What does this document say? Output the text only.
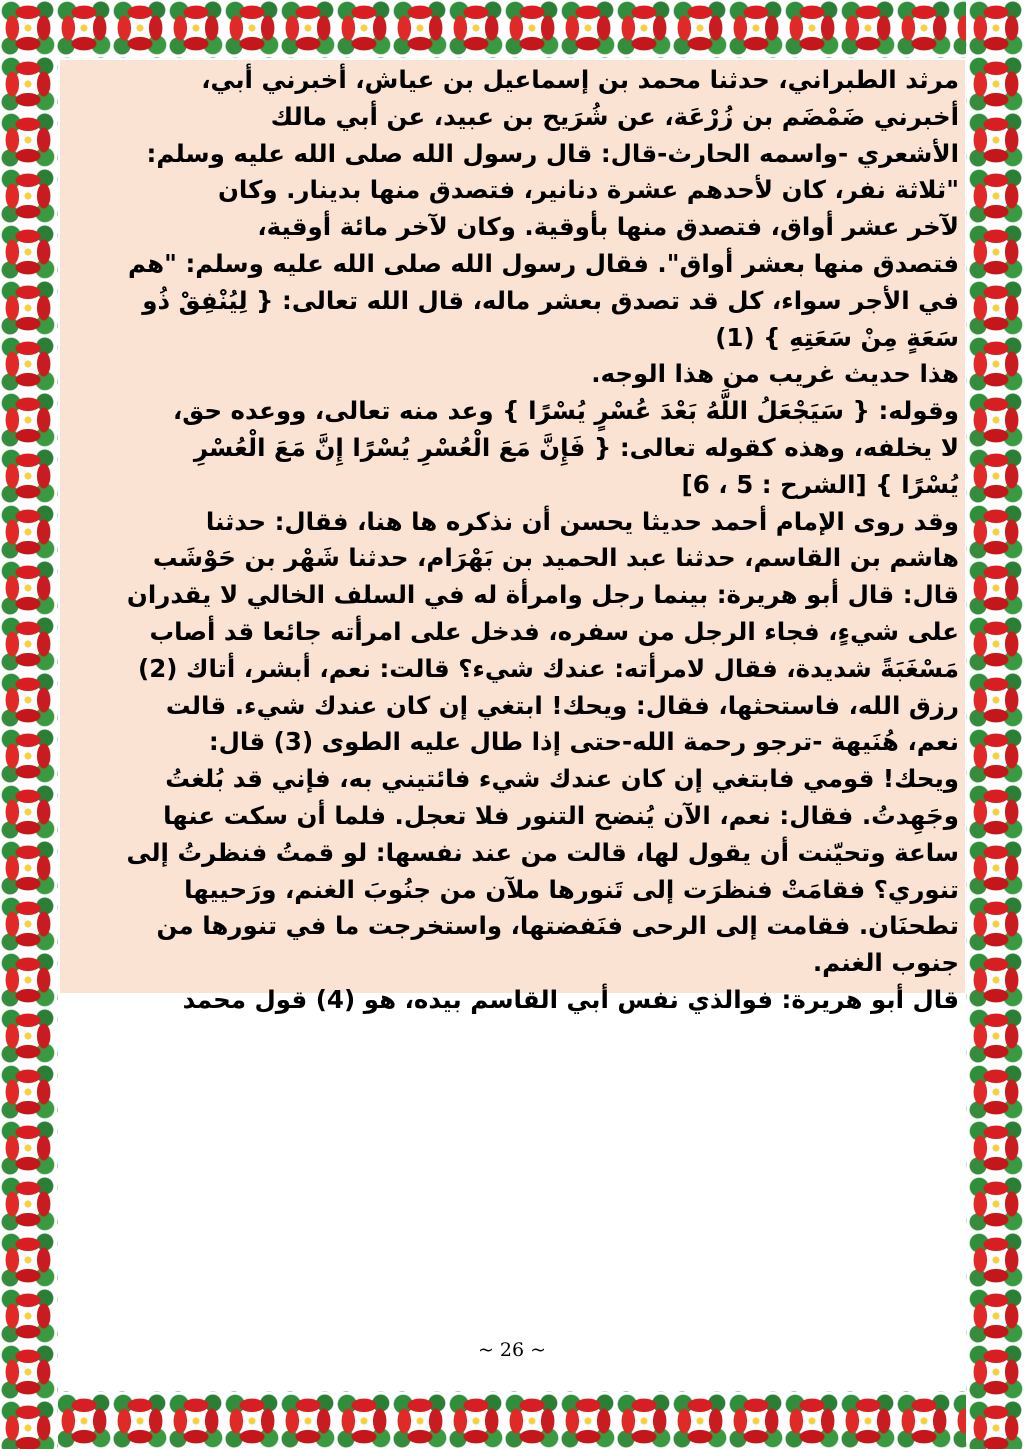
مرثد الطبراني، حدثنا محمد بن إسماعيل بن عياش، أخبرني أبي،
أخبرني ضَمْضَم بن زُرْعَة، عن شُرَيح بن عبيد، عن أبي مالك
الأشعري -واسمه الحارث-قال: قال رسول الله صلى الله عليه وسلم:
"ثلاثة نفر، كان لأحدهم عشرة دنانير، فتصدق منها بدينار. وكان
لآخر عشر أواق، فتصدق منها بأوقية. وكان لآخر مائة أوقية،
فتصدق منها بعشر أواق". فقال رسول الله صلى الله عليه وسلم: "هم
في الأجر سواء، كل قد تصدق بعشر ماله، قال الله تعالى: { لِيُنْفِقْ ذُو
سَعَةٍ مِنْ سَعَتِهِ } (1)
هذا حديث غريب من هذا الوجه.
وقوله: { سَيَجْعَلُ اللَّهُ بَعْدَ عُسْرٍ يُسْرًا } وعد منه تعالى، ووعده حق،
لا يخلفه، وهذه كقوله تعالى: { فَإِنَّ مَعَ الْعُسْرِ يُسْرًا إِنَّ مَعَ الْعُسْرِ
يُسْرًا } [الشرح : 5 ، 6]
وقد روى الإمام أحمد حديثا يحسن أن نذكره ها هنا، فقال: حدثنا
هاشم بن القاسم، حدثنا عبد الحميد بن بَهْرَام، حدثنا شَهْر بن حَوْشَب
قال: قال أبو هريرة: بينما رجل وامرأة له في السلف الخالي لا يقدران
على شيءٍ، فجاء الرجل من سفره، فدخل على امرأته جائعا قد أصاب
مَسْغَبَةً شديدة، فقال لامرأته: عندك شيء؟ قالت: نعم، أبشر، أتاك (2)
رزق الله، فاستحثها، فقال: ويحك! ابتغي إن كان عندك شيء. قالت
نعم، هُنَيهة -ترجو رحمة الله-حتى إذا طال عليه الطوى (3) قال:
ويحك! قومي فابتغي إن كان عندك شيء فائتيني به، فإني قد بُلغتُ
وجَهِدتُ. فقال: نعم، الآن يُنضح التنور فلا تعجل. فلما أن سكت عنها
ساعة وتحيّنت أن يقول لها، قالت من عند نفسها: لو قمتُ فنظرتُ إلى
تنوري؟ فقامَتْ فنظرَت إلى تَنورها ملآن من جنُوبَ الغنم، ورَحييها
تطحنَان. فقامت إلى الرحى فنَفضتها، واستخرجت ما في تنورها من
جنوب الغنم.
قال أبو هريرة: فوالذي نفس أبي القاسم بيده، هو (4) قول محمد
~ 26 ~
